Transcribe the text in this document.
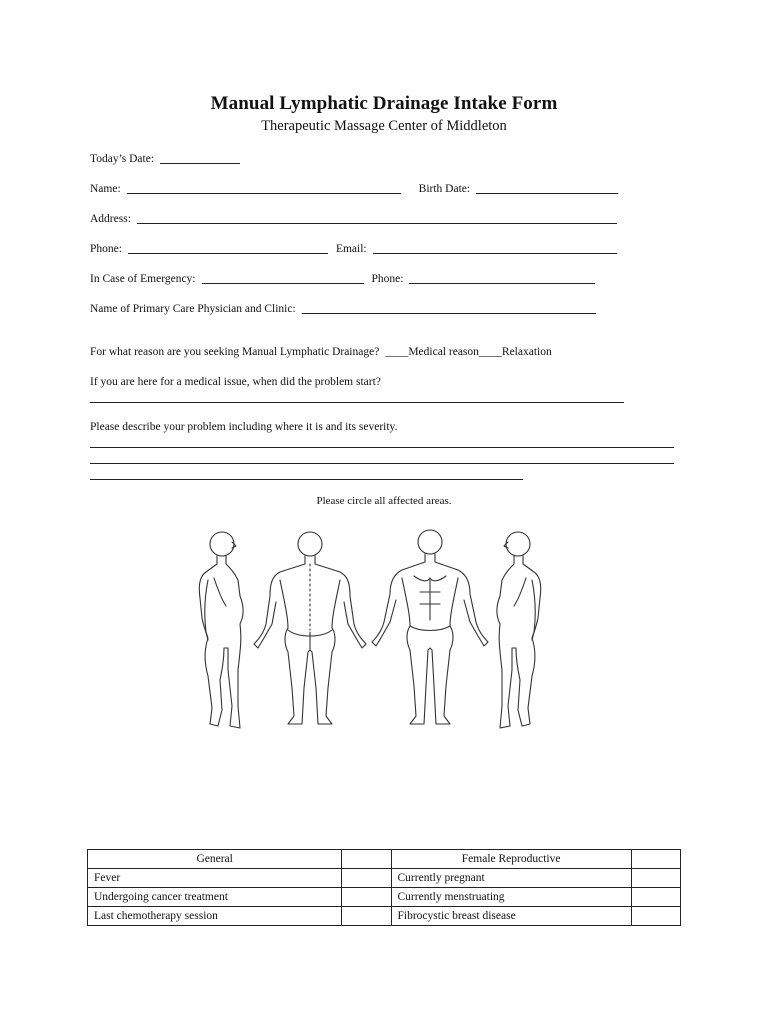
Manual Lymphatic Drainage Intake Form
Therapeutic Massage Center of Middleton
Today’s Date:
Name:	Birth Date:
Address:
Phone:	Email:
In Case of Emergency:	Phone:
Name of Primary Care Physician and Clinic:
For what reason are you seeking Manual Lymphatic Drainage? ____ Medical reason ____ Relaxation
If you are here for a medical issue, when did the problem start?
Please describe your problem including where it is and its severity.
Please circle all affected areas.
General		Female Reproductive	
Fever		Currently pregnant	
Undergoing cancer treatment		Currently menstruating	
Last chemotherapy session		Fibrocystic breast disease	
